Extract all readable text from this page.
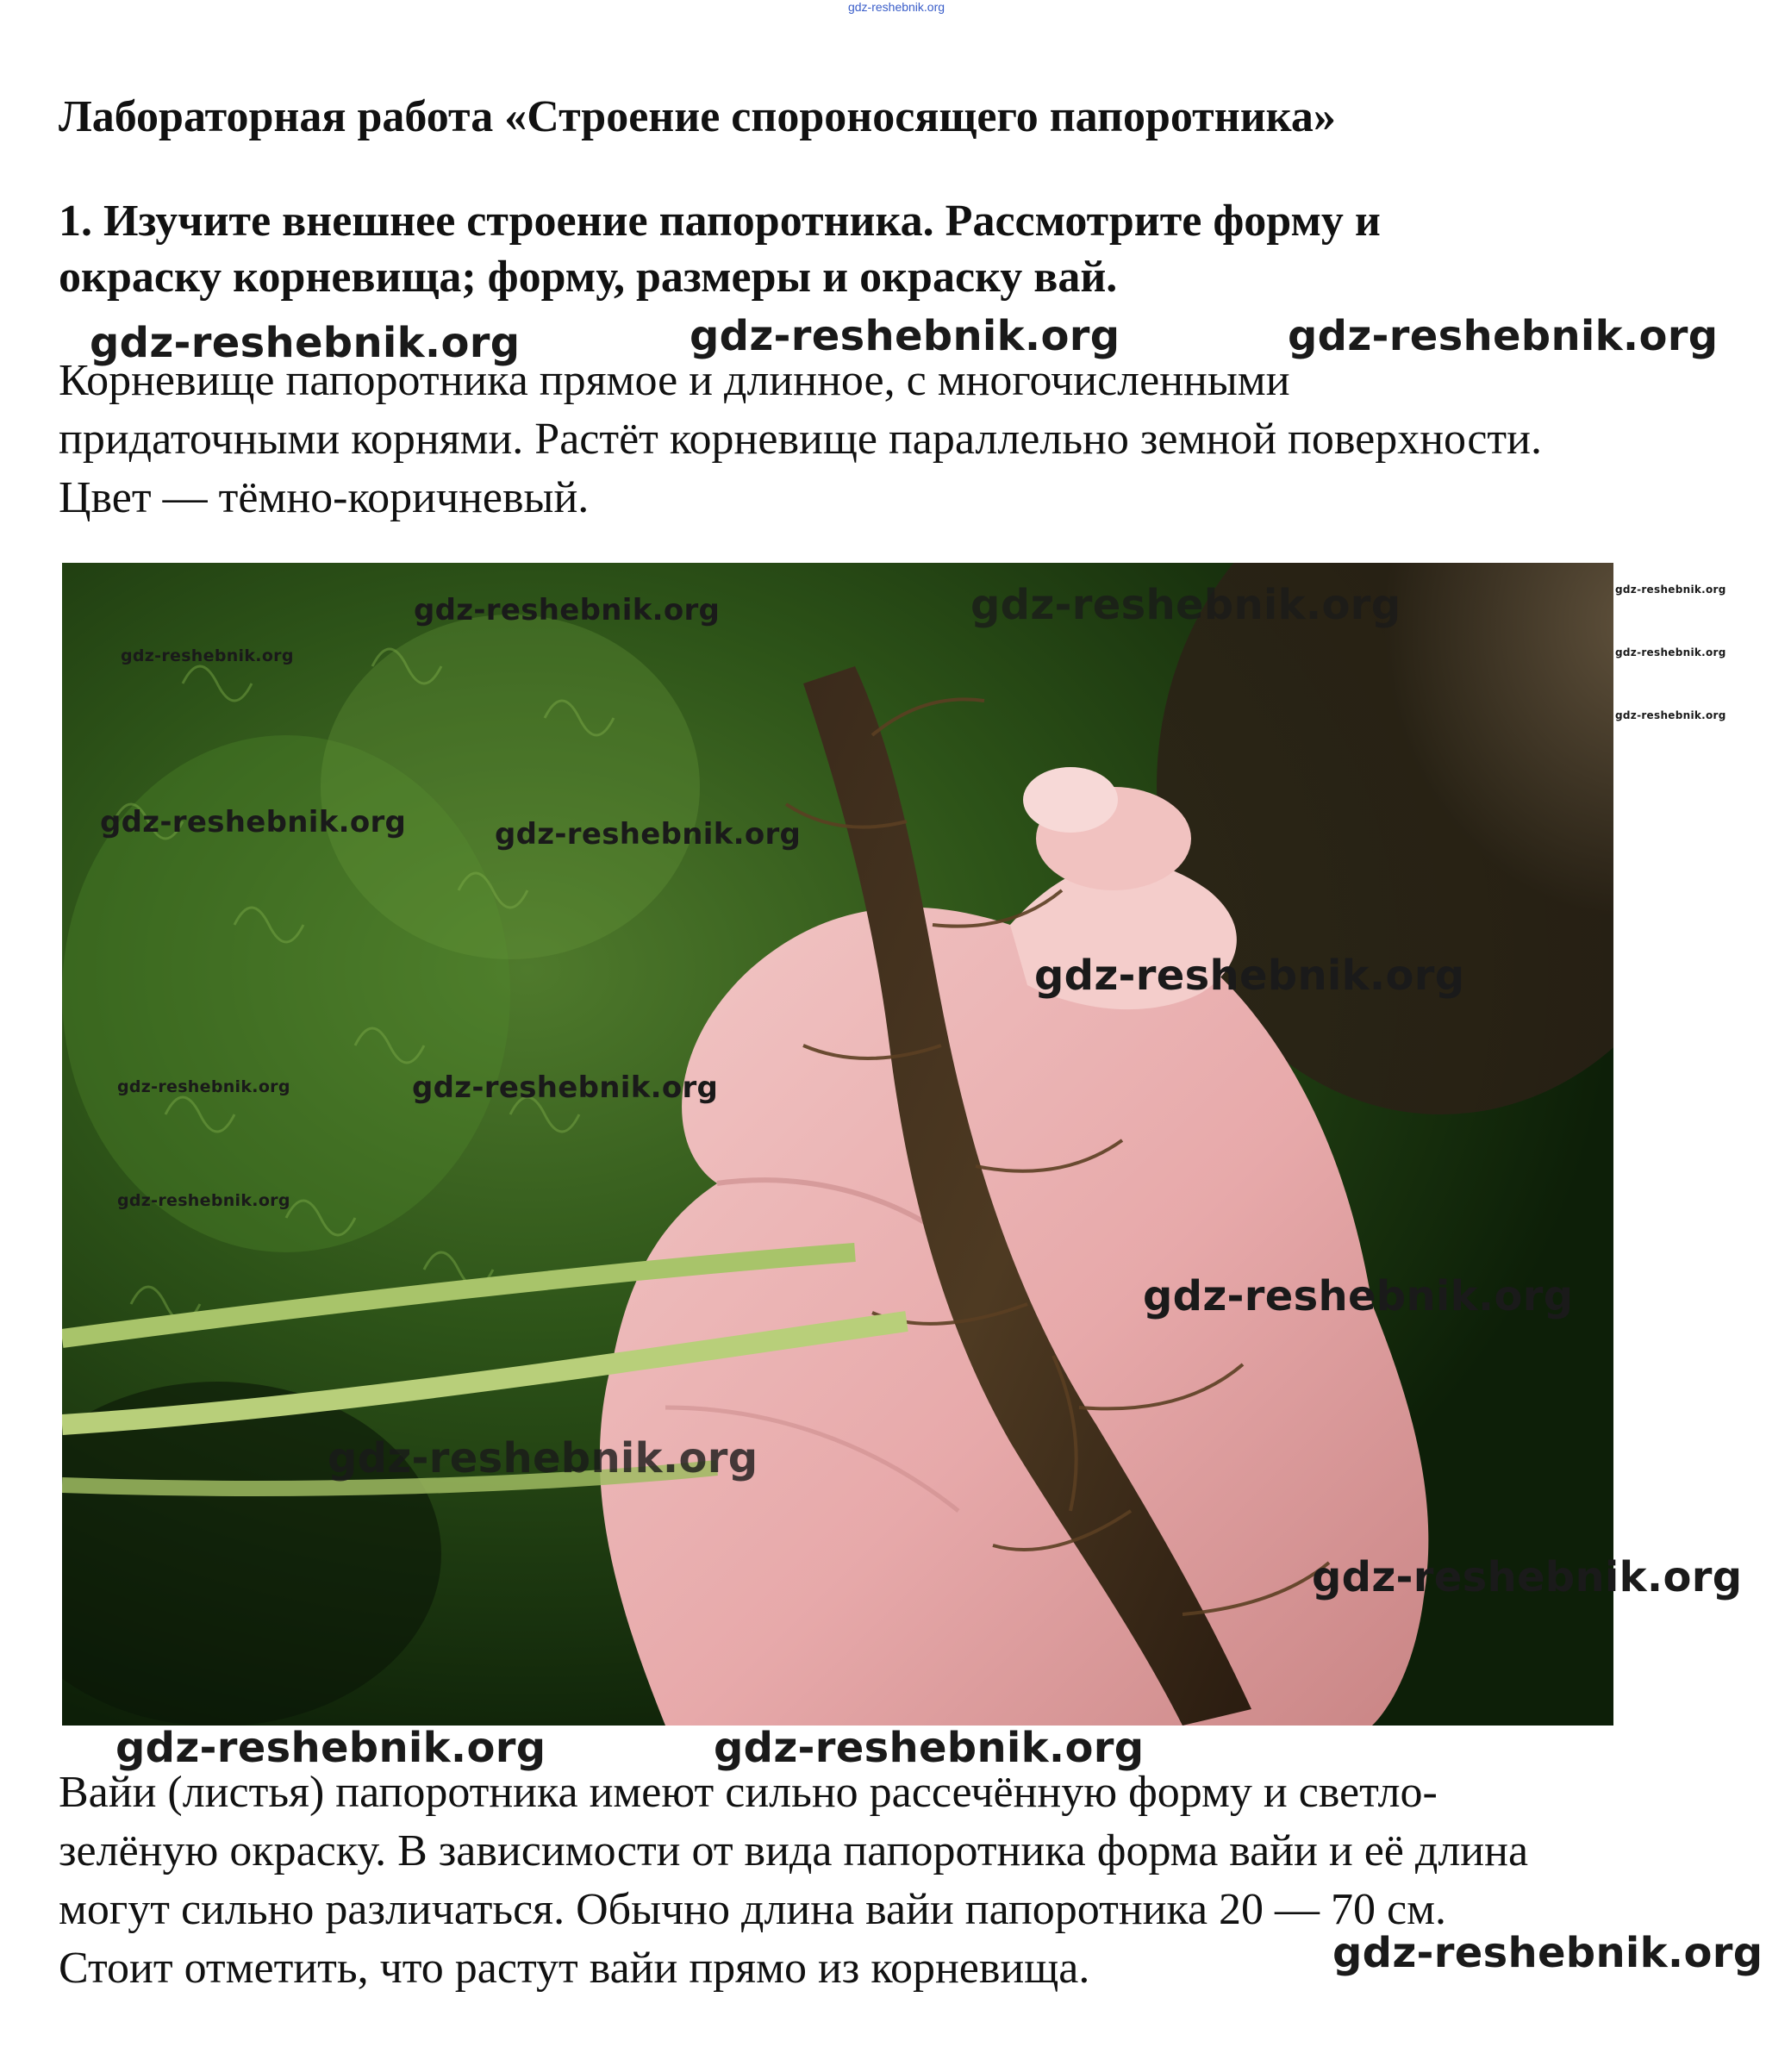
gdz-reshebnik.org
Лабораторная работа «Строение спороносящего папоротника»
1. Изучите внешнее строение папоротника. Рассмотрите форму и
окраску корневища; форму, размеры и окраску вай.
Корневище папоротника прямое и длинное, с многочисленными
придаточными корнями. Растёт корневище параллельно земной поверхности.
Цвет — тёмно-коричневый.
Вайи (листья) папоротника имеют сильно рассечённую форму и светло-
зелёную окраску. В зависимости от вида папоротника форма вайи и её длина
могут сильно различаться. Обычно длина вайи папоротника 20 — 70 см.
Стоит отметить, что растут вайи прямо из корневища.
gdz-reshebnik.org	gdz-reshebnik.org	gdz-reshebnik.org
gdz-reshebnik.org	gdz-reshebnik.org
gdz-reshebnik.org
gdz-reshebnik.org
gdz-reshebnik.org
gdz-reshebnik.org
gdz-reshebnik.org	gdz-reshebnik.org
gdz-reshebnik.org
gdz-reshebnik.org	gdz-reshebnik.org
gdz-reshebnik.org
gdz-reshebnik.org
gdz-reshebnik.org
gdz-reshebnik.org
gdz-reshebnik.org	gdz-reshebnik.org
gdz-reshebnik.org
